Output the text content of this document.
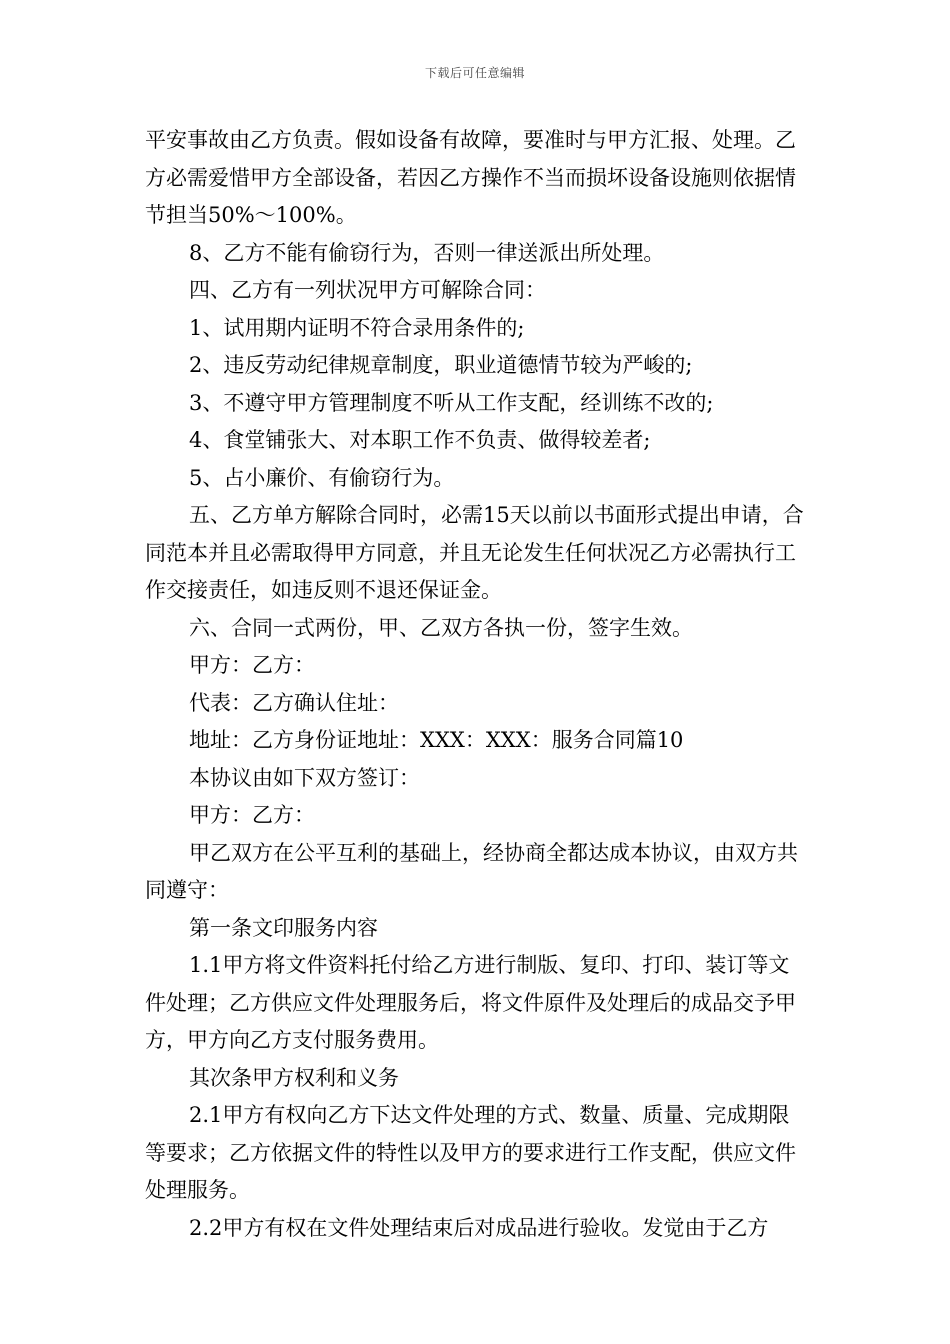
下载后可任意编辑

平安事故由乙方负责。假如设备有故障，要准时与甲方汇报、处理。乙方必需爱惜甲方全部设备，若因乙方操作不当而损坏设备设施则依据情节担当50%～100%。

8、乙方不能有偷窃行为，否则一律送派出所处理。

四、乙方有一列状况甲方可解除合同：

1、试用期内证明不符合录用条件的;

2、违反劳动纪律规章制度，职业道德情节较为严峻的;

3、不遵守甲方管理制度不听从工作支配，经训练不改的;

4、食堂铺张大、对本职工作不负责、做得较差者;

5、占小廉价、有偷窃行为。

五、乙方单方解除合同时，必需15天以前以书面形式提出申请，合同范本并且必需取得甲方同意，并且无论发生任何状况乙方必需执行工作交接责任，如违反则不退还保证金。

六、合同一式两份，甲、乙双方各执一份，签字生效。

甲方：乙方：

代表：乙方确认住址：

地址：乙方身份证地址：XXX：XXX：服务合同篇10

本协议由如下双方签订：

甲方：乙方：

甲乙双方在公平互利的基础上，经协商全都达成本协议，由双方共同遵守：

第一条文印服务内容

1.1甲方将文件资料托付给乙方进行制版、复印、打印、装订等文件处理；乙方供应文件处理服务后，将文件原件及处理后的成品交予甲方，甲方向乙方支付服务费用。

其次条甲方权利和义务

2.1甲方有权向乙方下达文件处理的方式、数量、质量、完成期限等要求；乙方依据文件的特性以及甲方的要求进行工作支配，供应文件处理服务。

2.2甲方有权在文件处理结束后对成品进行验收。发觉由于乙方
